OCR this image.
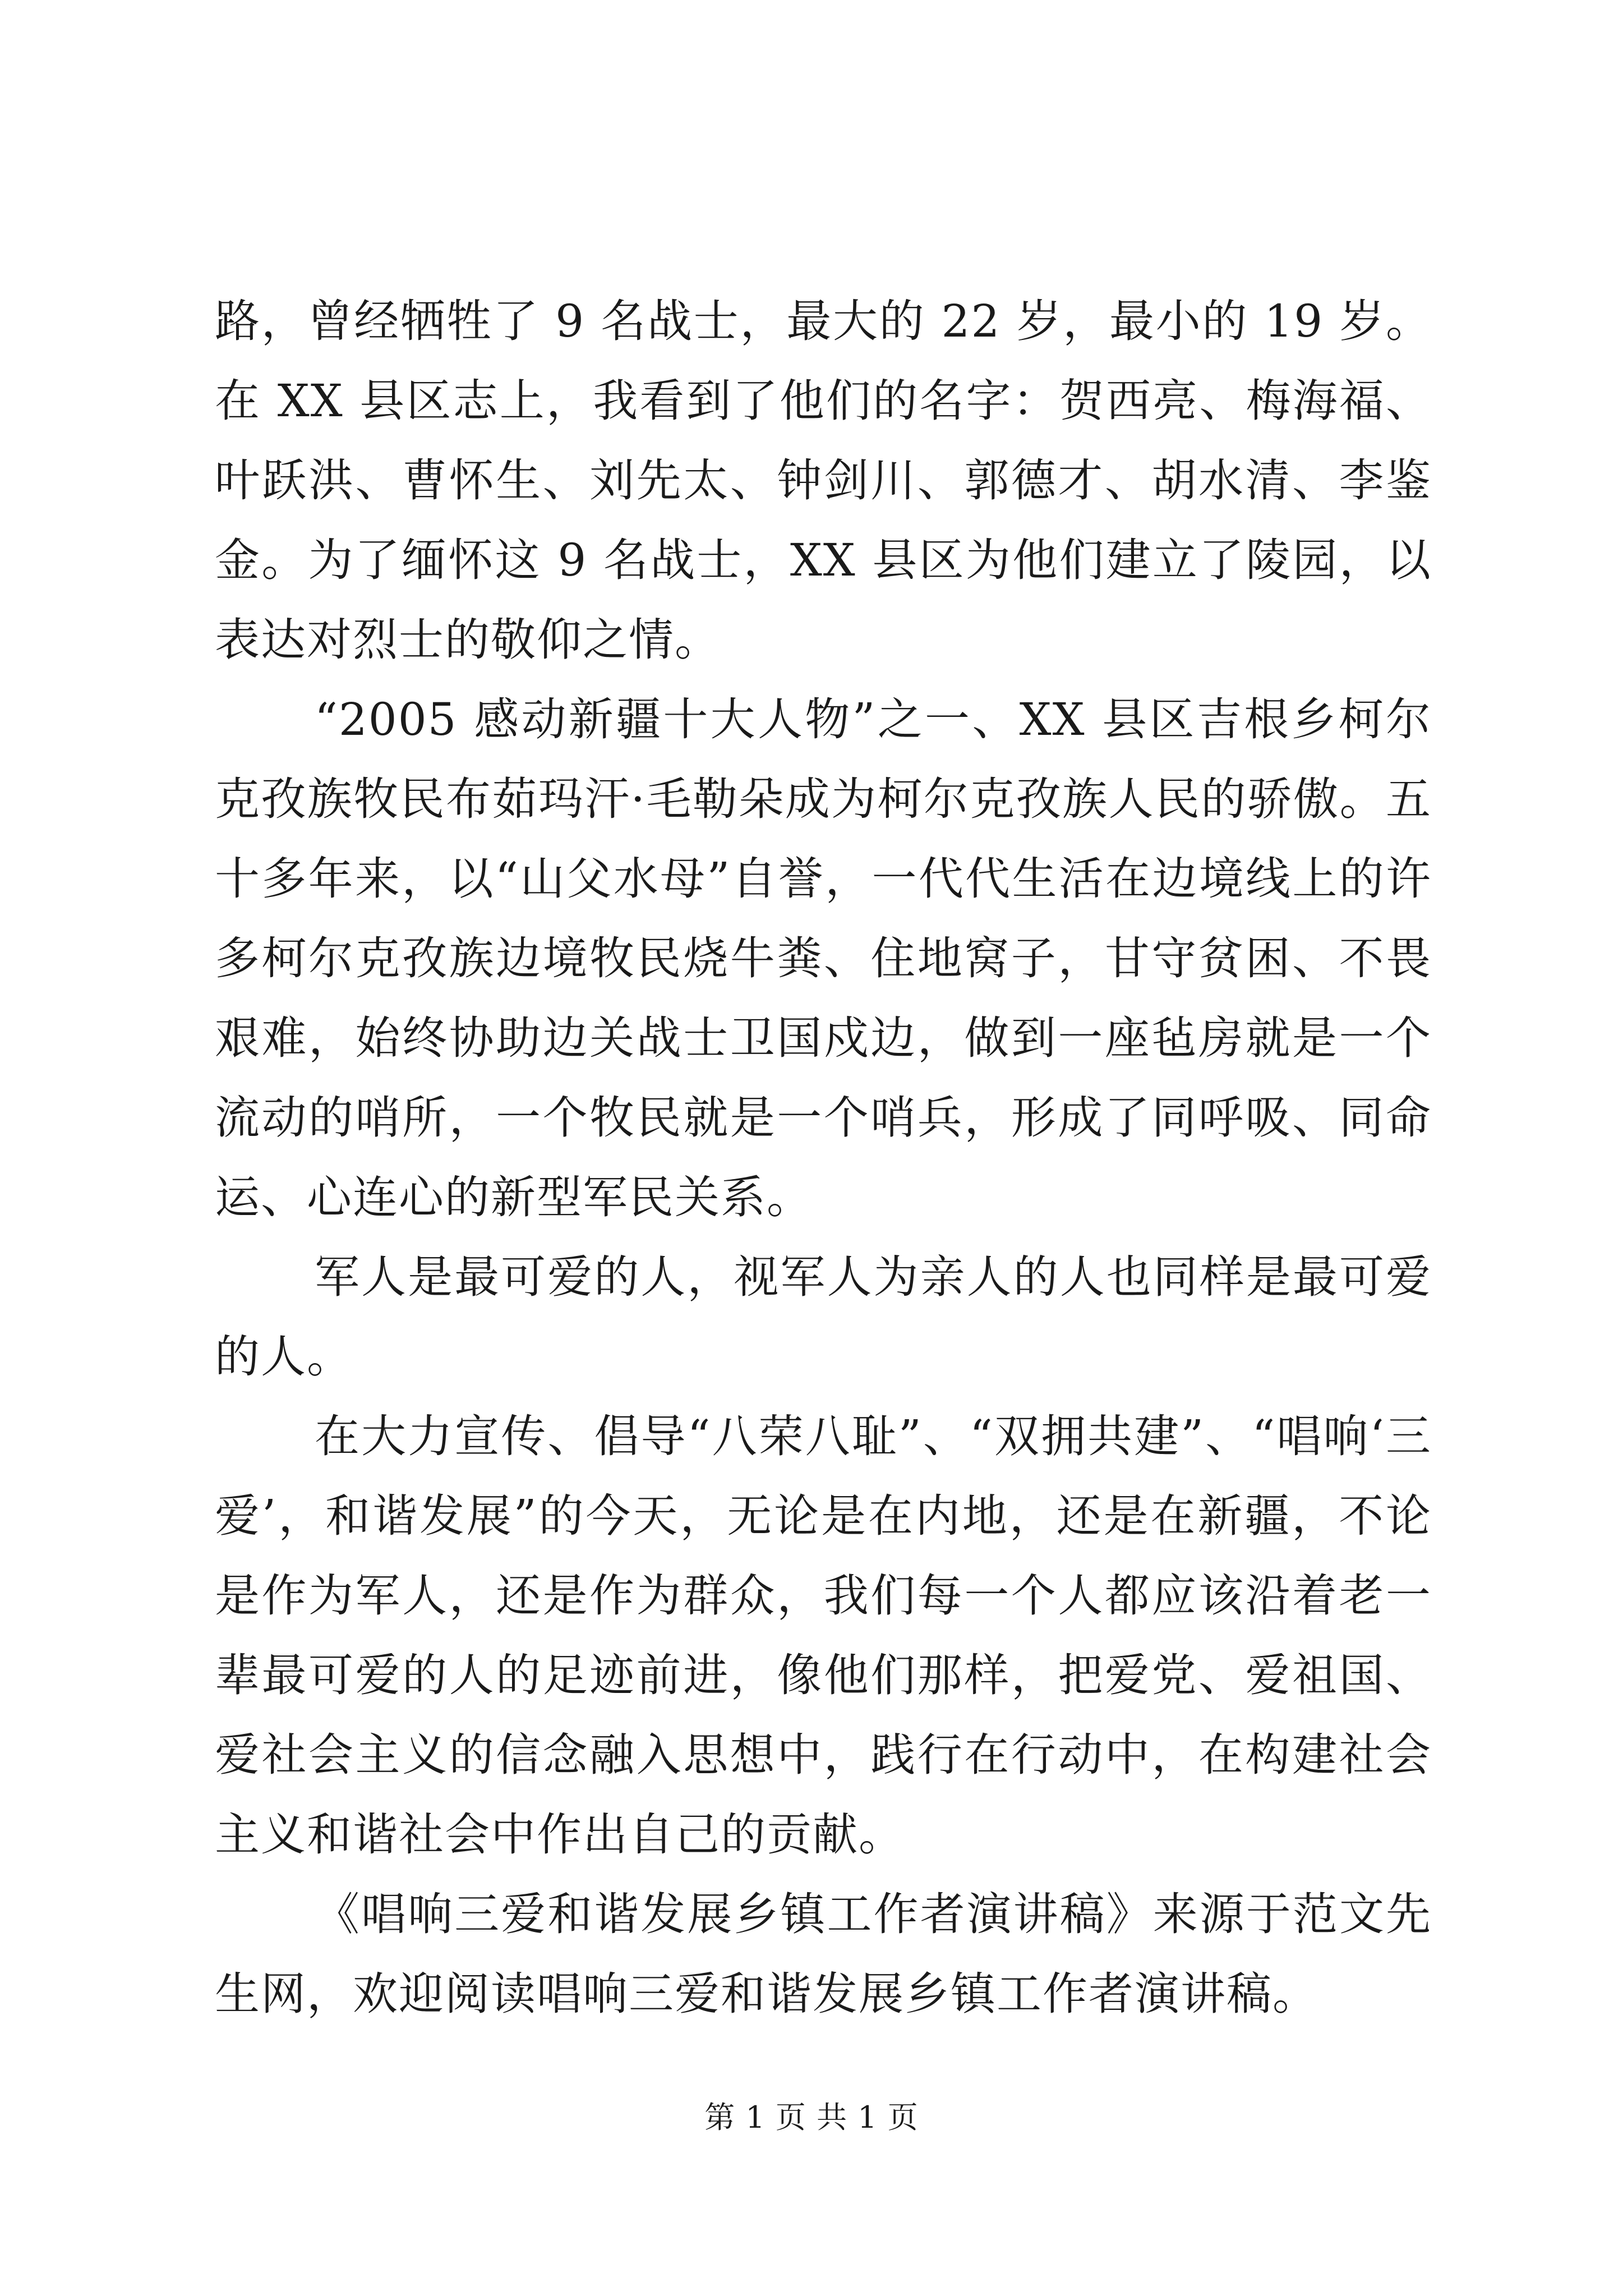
路，曾经牺牲了 9 名战士，最大的 22 岁，最小的 19 岁。在 XX 县区志上，我看到了他们的名字：贺西亮、梅海福、叶跃洪、曹怀生、刘先太、钟剑川、郭德才、胡水清、李鉴金。为了缅怀这 9 名战士，XX 县区为他们建立了陵园，以表达对烈士的敬仰之情。

“2005 感动新疆十大人物”之一、XX 县区吉根乡柯尔克孜族牧民布茹玛汗·毛勒朵成为柯尔克孜族人民的骄傲。五十多年来，以“山父水母”自誉，一代代生活在边境线上的许多柯尔克孜族边境牧民烧牛粪、住地窝子，甘守贫困、不畏艰难，始终协助边关战士卫国戍边，做到一座毡房就是一个流动的哨所，一个牧民就是一个哨兵，形成了同呼吸、同命运、心连心的新型军民关系。

军人是最可爱的人，视军人为亲人的人也同样是最可爱的人。

在大力宣传、倡导“八荣八耻”、“双拥共建”、“唱响‘三爱’，和谐发展”的今天，无论是在内地，还是在新疆，不论是作为军人，还是作为群众，我们每一个人都应该沿着老一辈最可爱的人的足迹前进，像他们那样，把爱党、爱祖国、爱社会主义的信念融入思想中，践行在行动中，在构建社会主义和谐社会中作出自己的贡献。

《唱响三爱和谐发展乡镇工作者演讲稿》来源于范文先生网，欢迎阅读唱响三爱和谐发展乡镇工作者演讲稿。

第 1 页 共 1 页
